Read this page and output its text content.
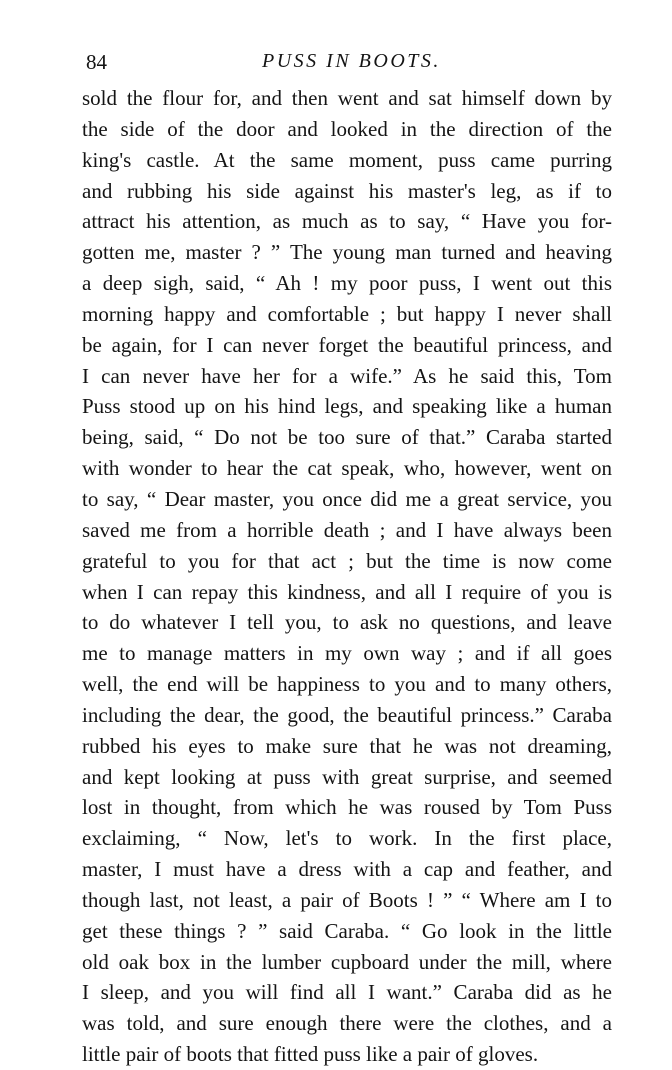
84	PUSS IN BOOTS.
sold the flour for, and then went and sat himself down by
the side of the door and looked in the direction of the
king's castle. At the same moment, puss came purring
and rubbing his side against his master's leg, as if to
attract his attention, as much as to say, “ Have you for-
gotten me, master ? ” The young man turned and heaving
a deep sigh, said, “ Ah ! my poor puss, I went out this
morning happy and comfortable ; but happy I never shall
be again, for I can never forget the beautiful princess, and
I can never have her for a wife.” As he said this, Tom
Puss stood up on his hind legs, and speaking like a human
being, said, “ Do not be too sure of that.” Caraba started
with wonder to hear the cat speak, who, however, went on
to say, “ Dear master, you once did me a great service, you
saved me from a horrible death ; and I have always been
grateful to you for that act ; but the time is now come
when I can repay this kindness, and all I require of you is
to do whatever I tell you, to ask no questions, and leave
me to manage matters in my own way ; and if all goes
well, the end will be happiness to you and to many others,
including the dear, the good, the beautiful princess.” Caraba
rubbed his eyes to make sure that he was not dreaming,
and kept looking at puss with great surprise, and seemed
lost in thought, from which he was roused by Tom Puss
exclaiming, “ Now, let's to work. In the first place,
master, I must have a dress with a cap and feather, and
though last, not least, a pair of Boots ! ” “ Where am I to
get these things ? ” said Caraba. “ Go look in the little
old oak box in the lumber cupboard under the mill, where
I sleep, and you will find all I want.” Caraba did as he
was told, and sure enough there were the clothes, and a
little pair of boots that fitted puss like a pair of gloves.
